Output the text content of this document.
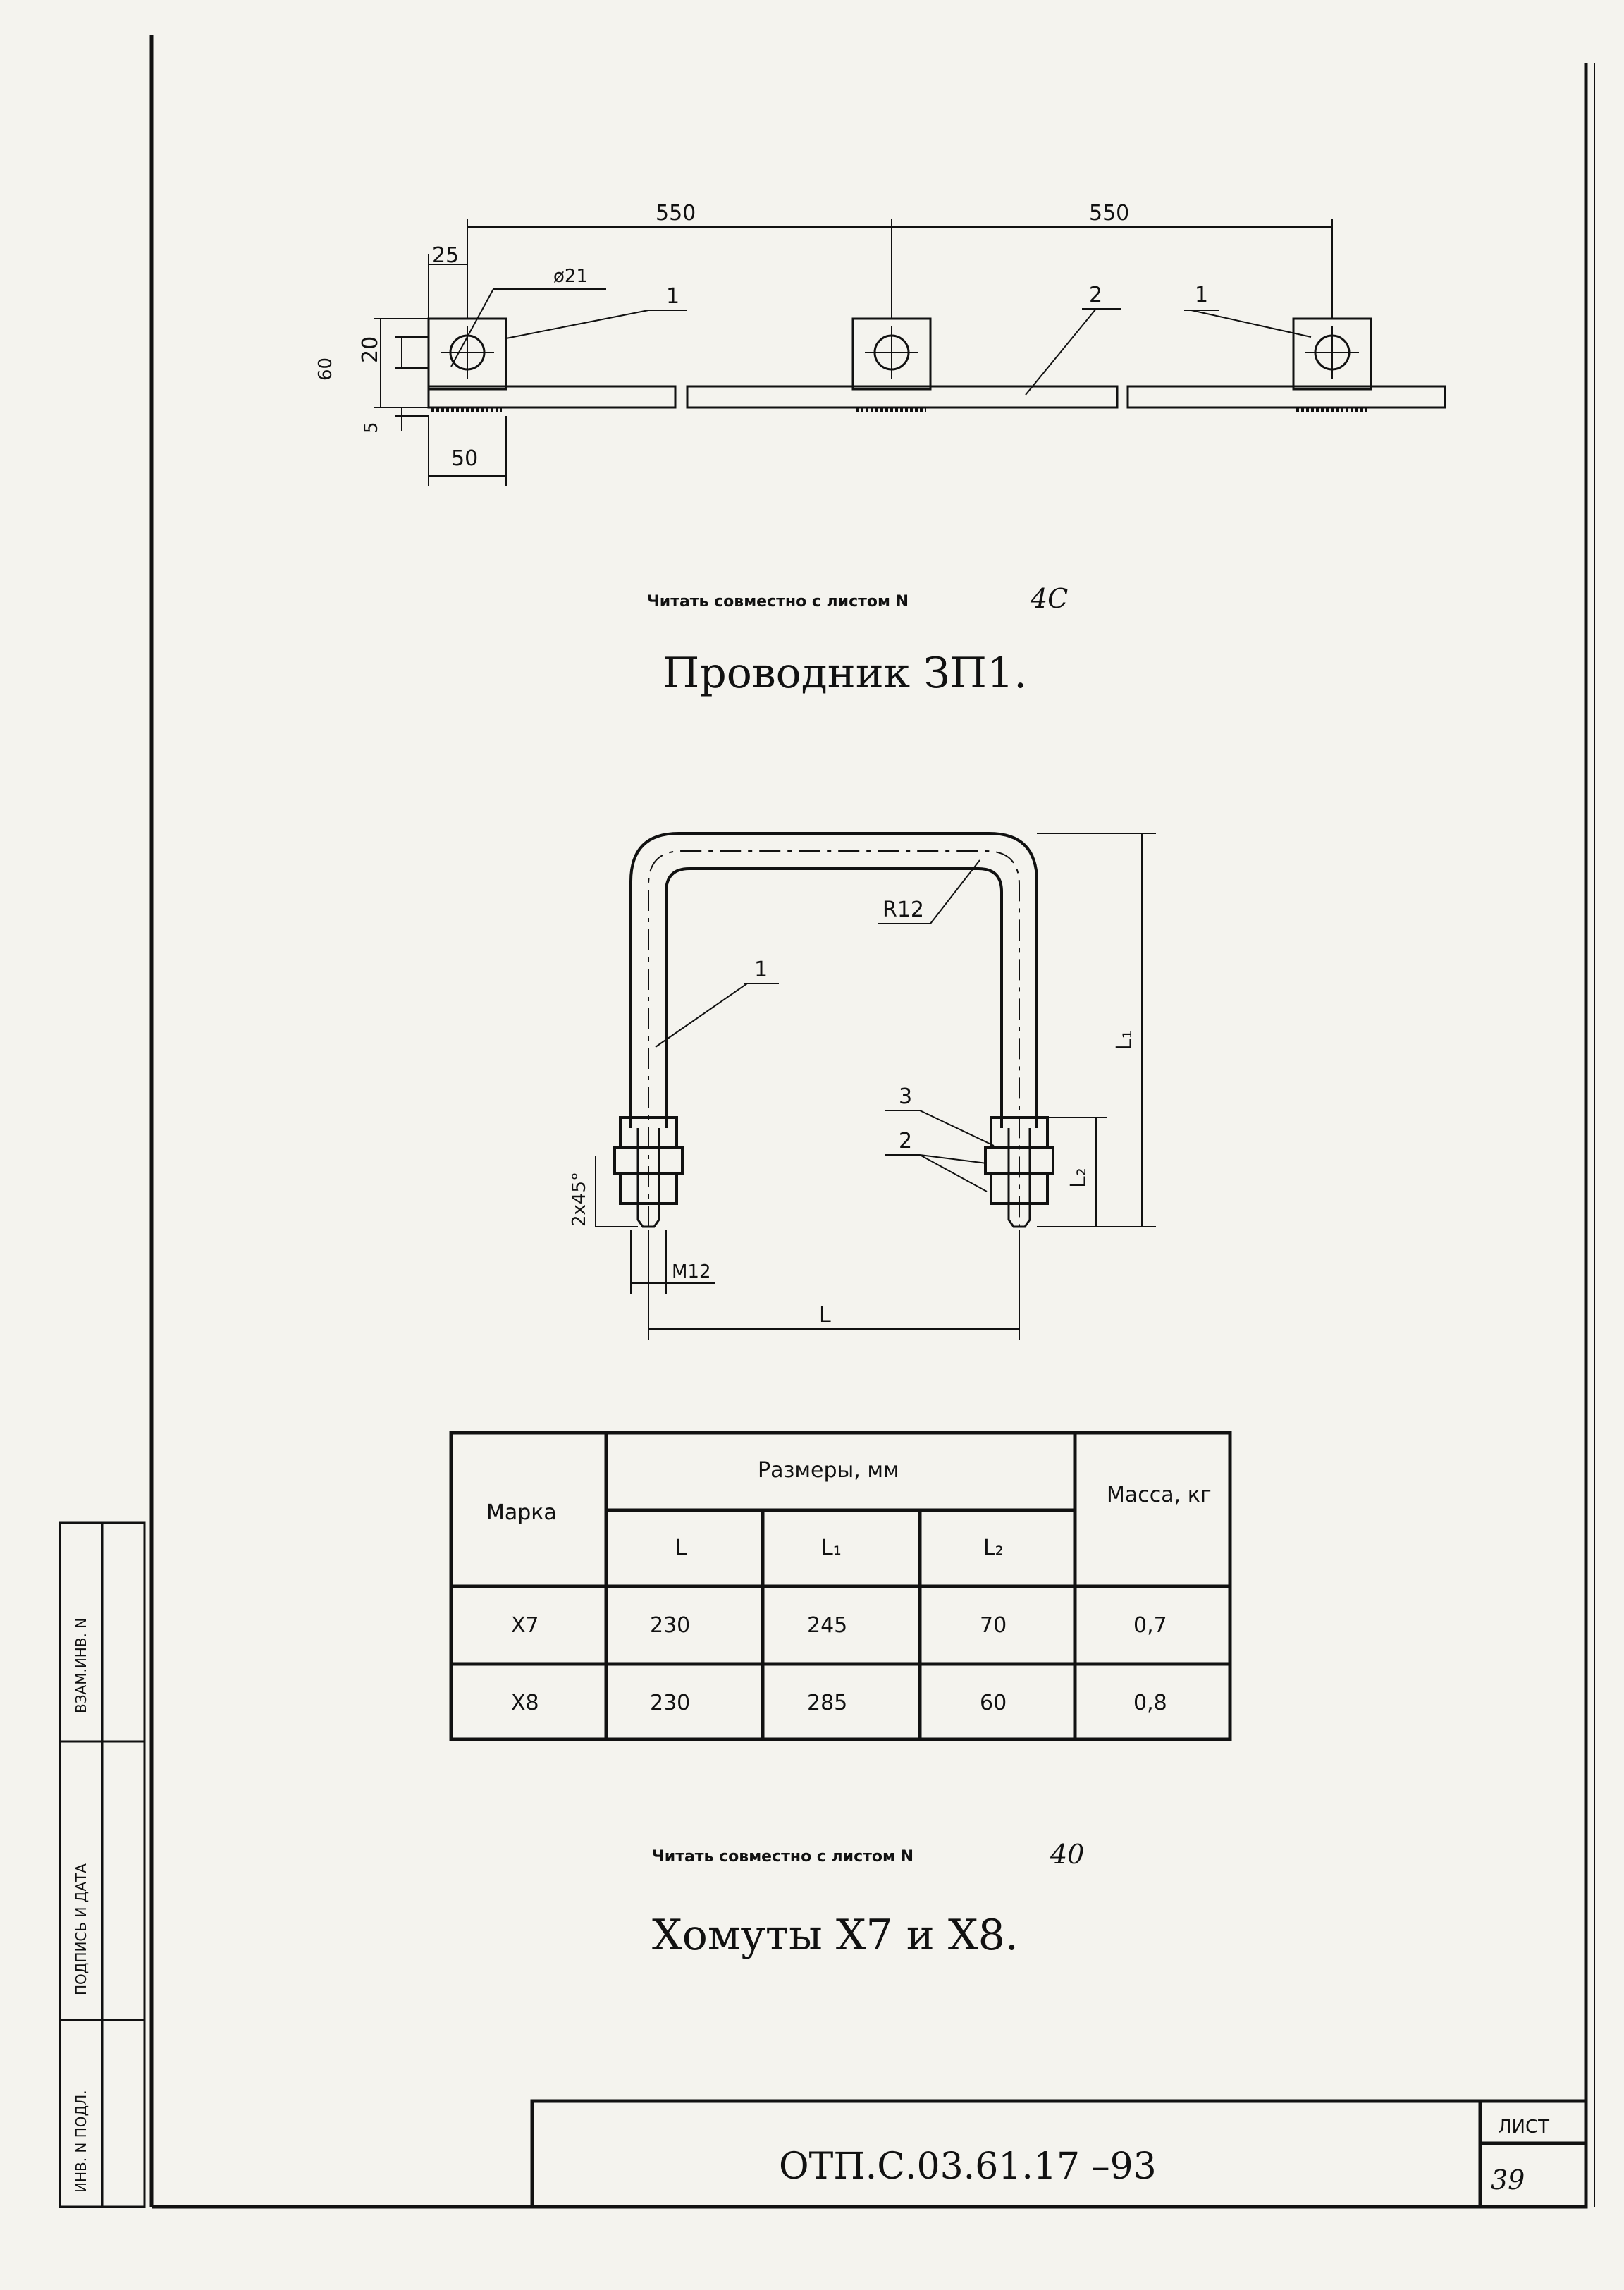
ВЗАМ.ИНВ. N
ПОДПИСЬ И ДАТА
ИНВ. N ПОДЛ.
550	550
25
ø21
1	2	1
20
60
5
50
Читать совместно с листом N	4С
Проводник ЗП1.
R12
1
3
2
2х45°
M12
L
L₁
L₂
Марка
Размеры, мм
Масса, кг
L	L₁	L₂
Х7	230	245	70	0,7
Х8	230	285	60	0,8
Читать совместно с листом N	40
Хомуты Х7 и Х8.
ОТП.С.03.61.17 –93
ЛИСТ
39
